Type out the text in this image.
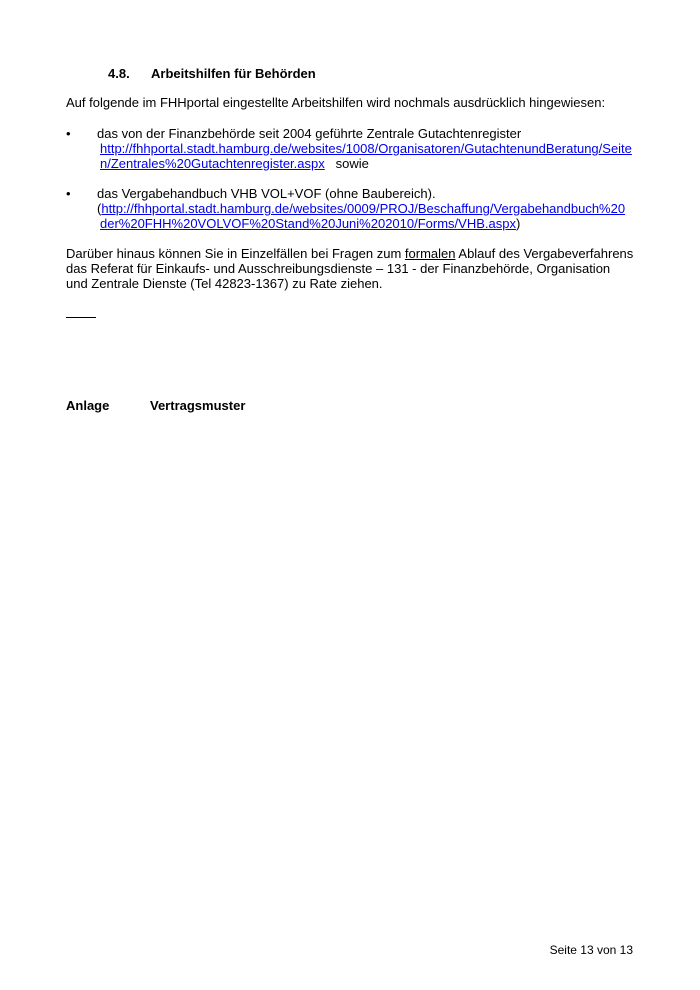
4.8. Arbeitshilfen für Behörden
Auf folgende im FHHportal eingestellte Arbeitshilfen wird nochmals ausdrücklich hingewiesen:
• das von der Finanzbehörde seit 2004 geführte Zentrale Gutachtenregister
http://fhhportal.stadt.hamburg.de/websites/1008/Organisatoren/GutachtenundBeratung/Seite
n/Zentrales%20Gutachtenregister.aspx sowie
• das Vergabehandbuch VHB VOL+VOF (ohne Baubereich).
(http://fhhportal.stadt.hamburg.de/websites/0009/PROJ/Beschaffung/Vergabehandbuch%20
der%20FHH%20VOLVOF%20Stand%20Juni%202010/Forms/VHB.aspx)
Darüber hinaus können Sie in Einzelfällen bei Fragen zum formalen Ablauf des Vergabeverfahrens
das Referat für Einkaufs- und Ausschreibungsdienste – 131 - der Finanzbehörde, Organisation
und Zentrale Dienste (Tel 42823-1367) zu Rate ziehen.
Anlage	Vertragsmuster
Seite 13 von 13
